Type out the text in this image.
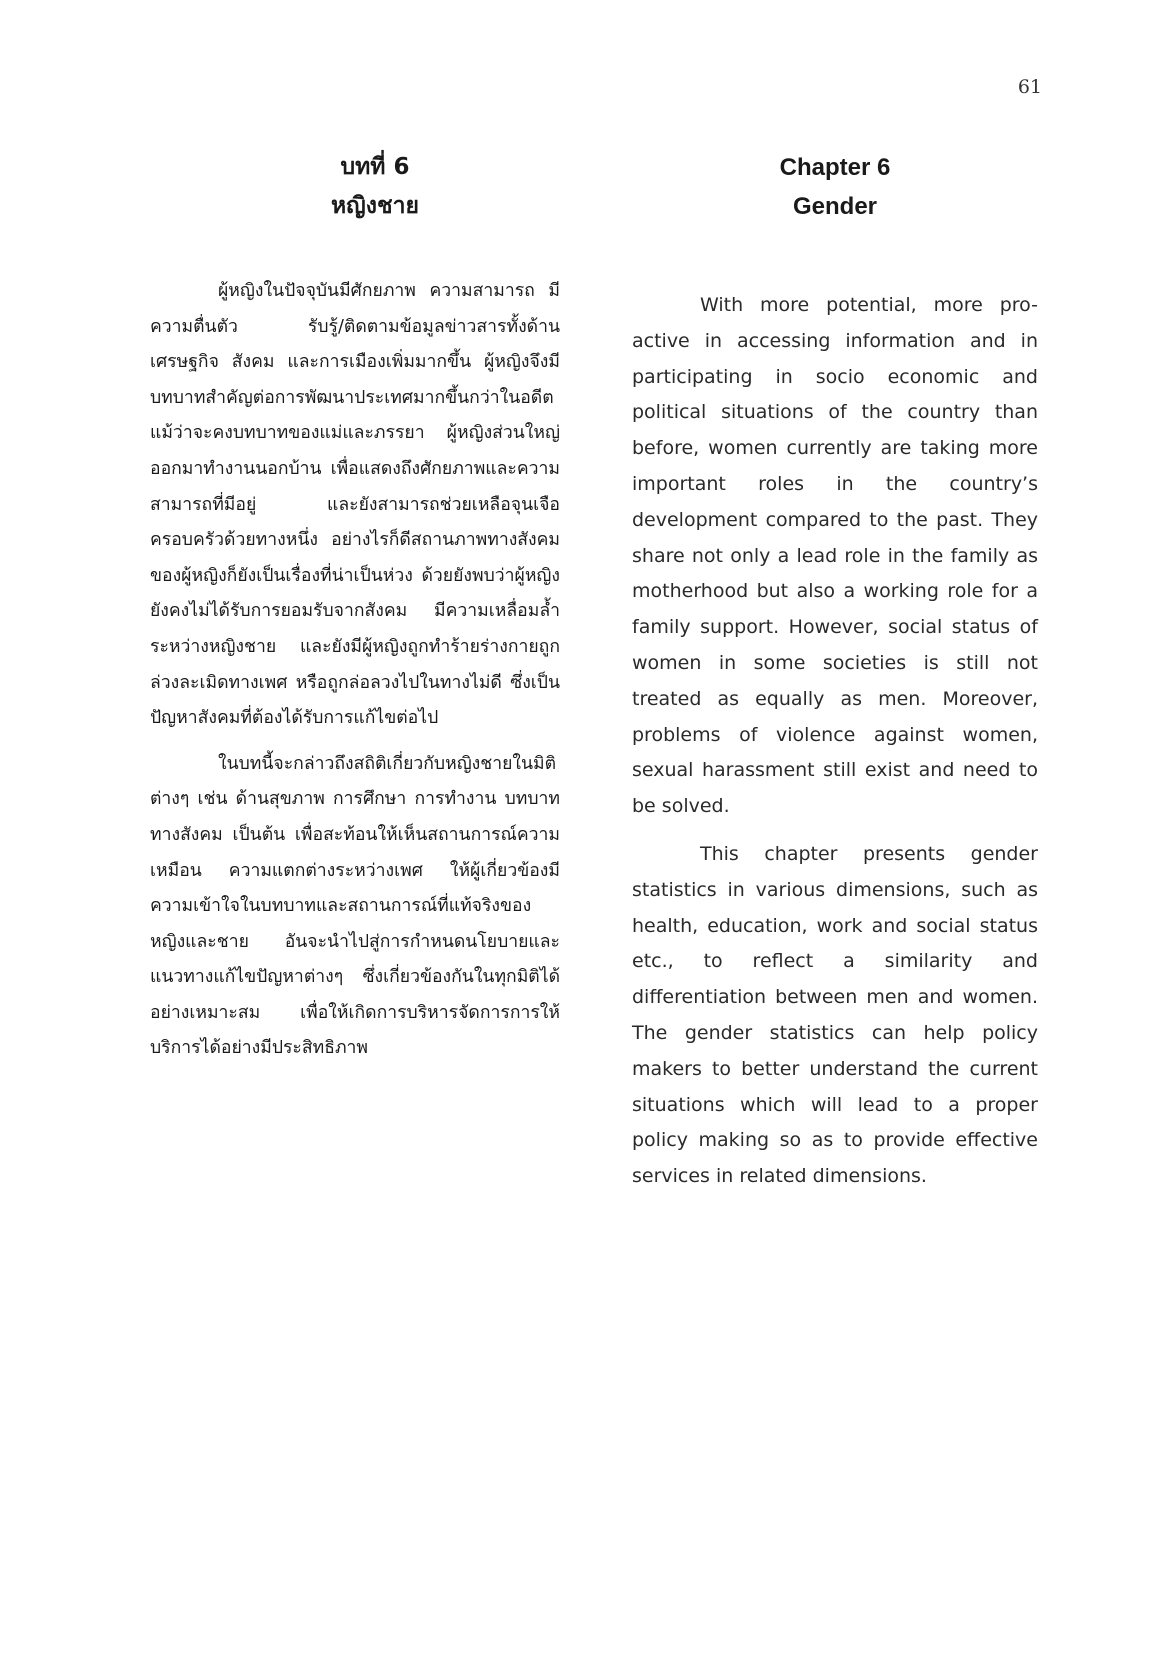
61
บทที่ 6
หญิงชาย

ผู้หญิงในปัจจุบันมีศักยภาพ ความสามารถ มีความตื่นตัว รับรู้/ติดตามข้อมูลข่าวสารทั้งด้านเศรษฐกิจ สังคม และการเมืองเพิ่มมากขึ้น ผู้หญิงจึงมีบทบาทสำคัญต่อการพัฒนาประเทศมากขึ้นกว่าในอดีต แม้ว่าจะคงบทบาทของแม่และภรรยา ผู้หญิงส่วนใหญ่ออกมาทำงานนอกบ้าน เพื่อแสดงถึงศักยภาพและความสามารถที่มีอยู่ และยังสามารถช่วยเหลือจุนเจือครอบครัวด้วยทางหนึ่ง อย่างไรก็ดีสถานภาพทางสังคมของผู้หญิงก็ยังเป็นเรื่องที่น่าเป็นห่วง ด้วยยังพบว่าผู้หญิงยังคงไม่ได้รับการยอมรับจากสังคม มีความเหลื่อมล้ำระหว่างหญิงชาย และยังมีผู้หญิงถูกทำร้ายร่างกายถูกล่วงละเมิดทางเพศ หรือถูกล่อลวงไปในทางไม่ดี ซึ่งเป็นปัญหาสังคมที่ต้องได้รับการแก้ไขต่อไป

ในบทนี้จะกล่าวถึงสถิติเกี่ยวกับหญิงชายในมิติต่างๆ เช่น ด้านสุขภาพ การศึกษา การทำงาน บทบาททางสังคม เป็นต้น เพื่อสะท้อนให้เห็นสถานการณ์ความเหมือน ความแตกต่างระหว่างเพศ ให้ผู้เกี่ยวข้องมีความเข้าใจในบทบาทและสถานการณ์ที่แท้จริงของหญิงและชาย อันจะนำไปสู่การกำหนดนโยบายและแนวทางแก้ไขปัญหาต่างๆ ซึ่งเกี่ยวข้องกันในทุกมิติได้อย่างเหมาะสม เพื่อให้เกิดการบริหารจัดการการให้บริการได้อย่างมีประสิทธิภาพ

Chapter 6
Gender

With more potential, more pro-active in accessing information and in participating in socio economic and political situations of the country than before, women currently are taking more important roles in the country’s development compared to the past. They share not only a lead role in the family as motherhood but also a working role for a family support. However, social status of women in some societies is still not treated as equally as men. Moreover, problems of violence against women, sexual harassment still exist and need to be solved.

This chapter presents gender statistics in various dimensions, such as health, education, work and social status etc., to reflect a similarity and differentiation between men and women. The gender statistics can help policy makers to better understand the current situations which will lead to a proper policy making so as to provide effective services in related dimensions.
